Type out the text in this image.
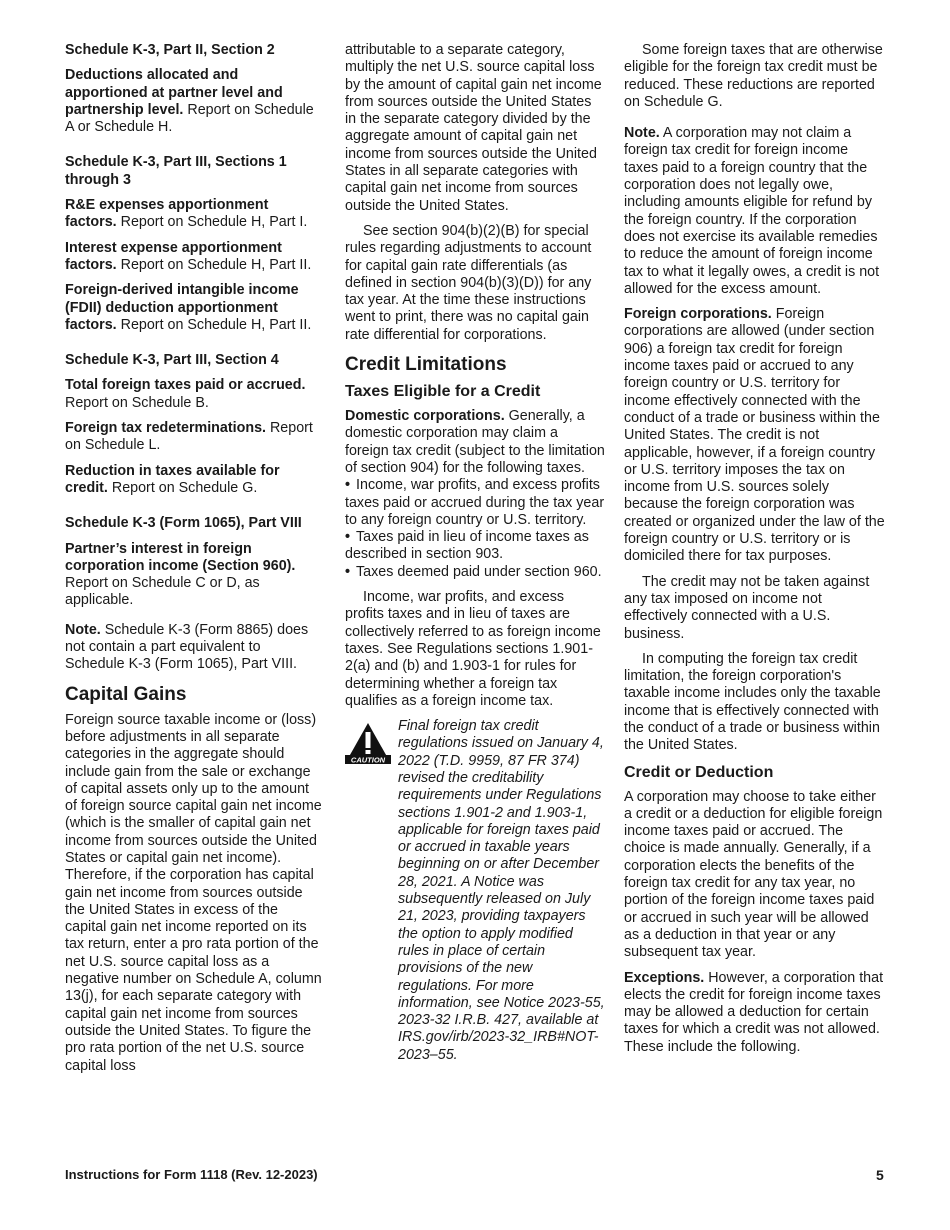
Schedule K-3, Part II, Section 2

Deductions allocated and apportioned at partner level and partnership level. Report on Schedule A or Schedule H.

Schedule K-3, Part III, Sections 1 through 3

R&E expenses apportionment factors. Report on Schedule H, Part I.

Interest expense apportionment factors. Report on Schedule H, Part II.

Foreign-derived intangible income (FDII) deduction apportionment factors. Report on Schedule H, Part II.

Schedule K-3, Part III, Section 4

Total foreign taxes paid or accrued. Report on Schedule B.

Foreign tax redeterminations. Report on Schedule L.

Reduction in taxes available for credit. Report on Schedule G.

Schedule K-3 (Form 1065), Part VIII

Partner’s interest in foreign corporation income (Section 960). Report on Schedule C or D, as applicable.

Note. Schedule K-3 (Form 8865) does not contain a part equivalent to Schedule K-3 (Form 1065), Part VIII.

Capital Gains

Foreign source taxable income or (loss) before adjustments in all separate categories in the aggregate should include gain from the sale or exchange of capital assets only up to the amount of foreign source capital gain net income (which is the smaller of capital gain net income from sources outside the United States or capital gain net income). Therefore, if the corporation has capital gain net income from sources outside the United States in excess of the capital gain net income reported on its tax return, enter a pro rata portion of the net U.S. source capital loss as a negative number on Schedule A, column 13(j), for each separate category with capital gain net income from sources outside the United States. To figure the pro rata portion of the net U.S. source capital loss

attributable to a separate category, multiply the net U.S. source capital loss by the amount of capital gain net income from sources outside the United States in the separate category divided by the aggregate amount of capital gain net income from sources outside the United States in all separate categories with capital gain net income from sources outside the United States.

See section 904(b)(2)(B) for special rules regarding adjustments to account for capital gain rate differentials (as defined in section 904(b)(3)(D)) for any tax year. At the time these instructions went to print, there was no capital gain rate differential for corporations.

Credit Limitations
Taxes Eligible for a Credit

Domestic corporations. Generally, a domestic corporation may claim a foreign tax credit (subject to the limitation of section 904) for the following taxes.

• Income, war profits, and excess profits taxes paid or accrued during the tax year to any foreign country or U.S. territory.

• Taxes paid in lieu of income taxes as described in section 903.

• Taxes deemed paid under section 960.

Income, war profits, and excess profits taxes and in lieu of taxes are collectively referred to as foreign income taxes. See Regulations sections 1.901-2(a) and (b) and 1.903-1 for rules for determining whether a foreign tax qualifies as a foreign income tax.

CAUTION
Final foreign tax credit regulations issued on January 4, 2022 (T.D. 9959, 87 FR 374) revised the creditability requirements under Regulations sections 1.901-2 and 1.903-1, applicable for foreign taxes paid or accrued in taxable years beginning on or after December 28, 2021. A Notice was subsequently released on July 21, 2023, providing taxpayers the option to apply modified rules in place of certain provisions of the new regulations. For more information, see Notice 2023-55, 2023-32 I.R.B. 427, available at IRS.gov/irb/2023-32_IRB#NOT-2023–55.

Some foreign taxes that are otherwise eligible for the foreign tax credit must be reduced. These reductions are reported on Schedule G.

Note. A corporation may not claim a foreign tax credit for foreign income taxes paid to a foreign country that the corporation does not legally owe, including amounts eligible for refund by the foreign country. If the corporation does not exercise its available remedies to reduce the amount of foreign income tax to what it legally owes, a credit is not allowed for the excess amount.

Foreign corporations. Foreign corporations are allowed (under section 906) a foreign tax credit for foreign income taxes paid or accrued to any foreign country or U.S. territory for income effectively connected with the conduct of a trade or business within the United States. The credit is not applicable, however, if a foreign country or U.S. territory imposes the tax on income from U.S. sources solely because the foreign corporation was created or organized under the law of the foreign country or U.S. territory or is domiciled there for tax purposes.

The credit may not be taken against any tax imposed on income not effectively connected with a U.S. business.

In computing the foreign tax credit limitation, the foreign corporation's taxable income includes only the taxable income that is effectively connected with the conduct of a trade or business within the United States.

Credit or Deduction

A corporation may choose to take either a credit or a deduction for eligible foreign income taxes paid or accrued. The choice is made annually. Generally, if a corporation elects the benefits of the foreign tax credit for any tax year, no portion of the foreign income taxes paid or accrued in such year will be allowed as a deduction in that year or any subsequent tax year.

Exceptions. However, a corporation that elects the credit for foreign income taxes may be allowed a deduction for certain taxes for which a credit was not allowed. These include the following.

Instructions for Form 1118 (Rev. 12-2023)	5
